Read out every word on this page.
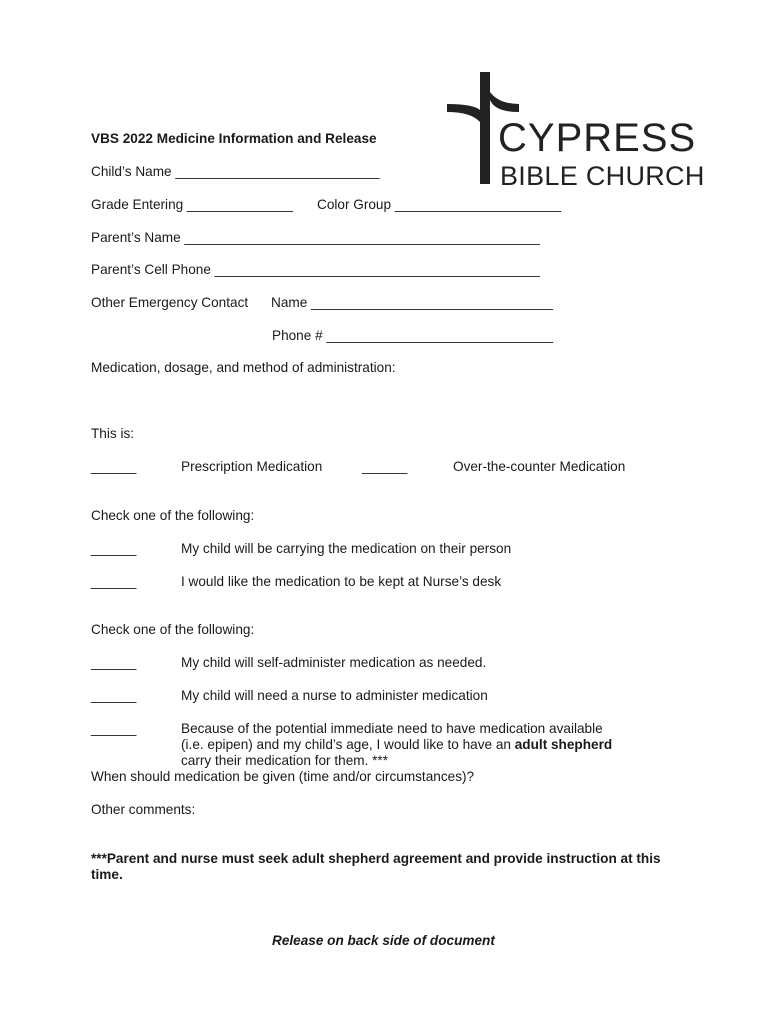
CYPRESS
BIBLE CHURCH
VBS 2022 Medicine Information and Release
Child’s Name ___________________________
Grade Entering ______________ Color Group ______________________
Parent’s Name _______________________________________________
Parent’s Cell Phone ___________________________________________
Other Emergency Contact Name ________________________________
Phone # ______________________________
Medication, dosage, and method of administration:
This is:
______	Prescription Medication	______	Over-the-counter Medication
Check one of the following:
______	My child will be carrying the medication on their person
______	I would like the medication to be kept at Nurse’s desk
Check one of the following:
______	My child will self-administer medication as needed.
______	My child will need a nurse to administer medication
______	Because of the potential immediate need to have medication available
(i.e. epipen) and my child’s age, I would like to have an adult shepherd
carry their medication for them. ***
When should medication be given (time and/or circumstances)?
Other comments:
***Parent and nurse must seek adult shepherd agreement and provide instruction at this
time.
Release on back side of document
